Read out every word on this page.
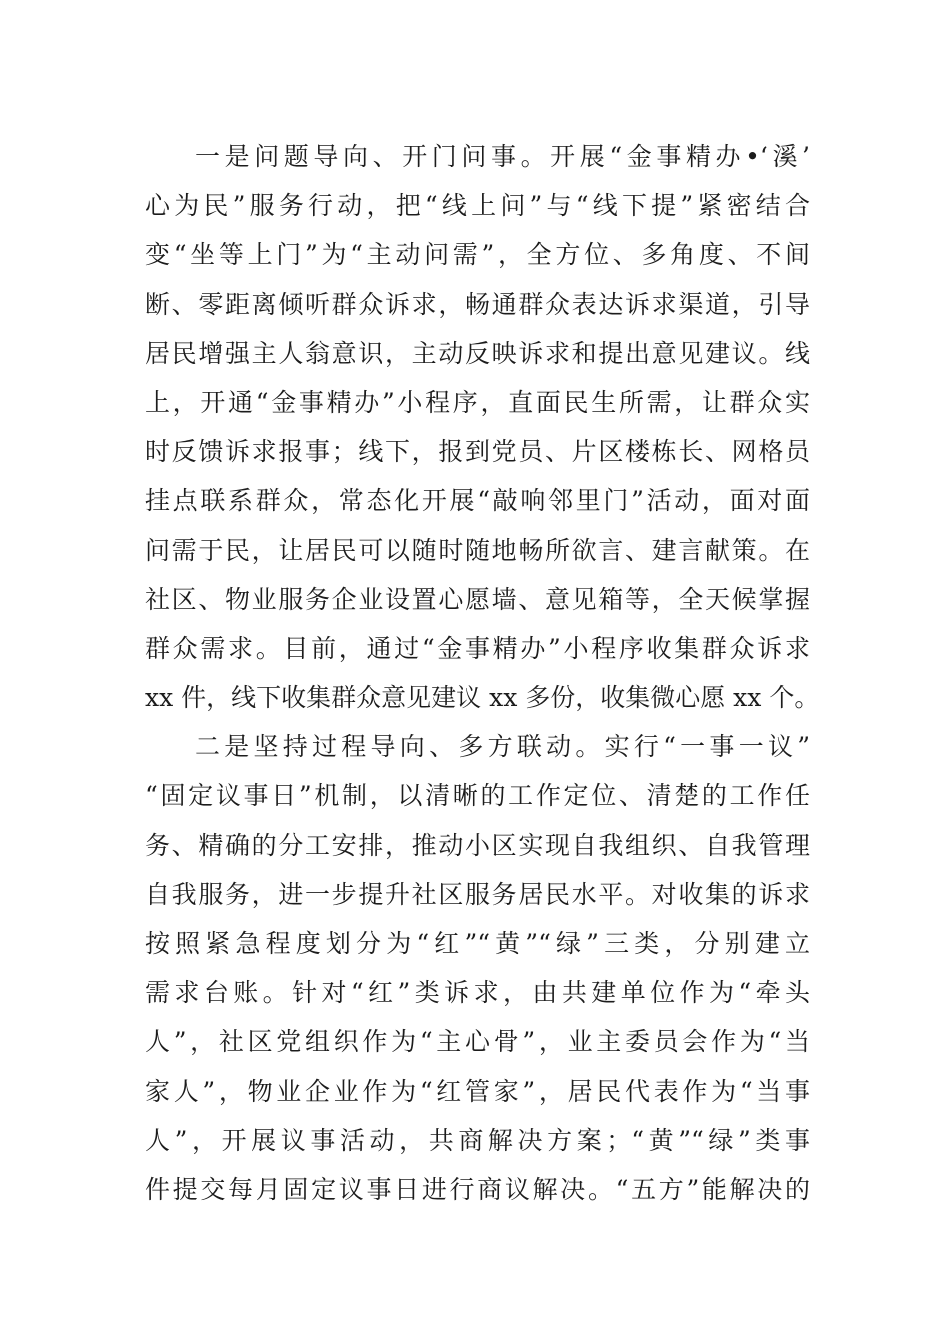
一是问题导向、开门问事。开展“金事精办•‘溪’
心为民”服务行动，把“线上问”与“线下提”紧密结合
变“坐等上门”为“主动问需”，全方位、多角度、不间
断、零距离倾听群众诉求，畅通群众表达诉求渠道，引导
居民增强主人翁意识，主动反映诉求和提出意见建议。线
上，开通“金事精办”小程序，直面民生所需，让群众实
时反馈诉求报事；线下，报到党员、片区楼栋长、网格员
挂点联系群众，常态化开展“敲响邻里门”活动，面对面
问需于民，让居民可以随时随地畅所欲言、建言献策。在
社区、物业服务企业设置心愿墙、意见箱等，全天候掌握
群众需求。目前，通过“金事精办”小程序收集群众诉求
xx 件，线下收集群众意见建议 xx 多份，收集微心愿 xx 个。
二是坚持过程导向、多方联动。实行“一事一议”
“固定议事日”机制，以清晰的工作定位、清楚的工作任
务、精确的分工安排，推动小区实现自我组织、自我管理
自我服务，进一步提升社区服务居民水平。对收集的诉求
按照紧急程度划分为“红”“黄”“绿”三类，分别建立
需求台账。针对“红”类诉求，由共建单位作为“牵头
人”，社区党组织作为“主心骨”，业主委员会作为“当
家人”，物业企业作为“红管家”，居民代表作为“当事
人”，开展议事活动，共商解决方案；“黄”“绿”类事
件提交每月固定议事日进行商议解决。“五方”能解决的
